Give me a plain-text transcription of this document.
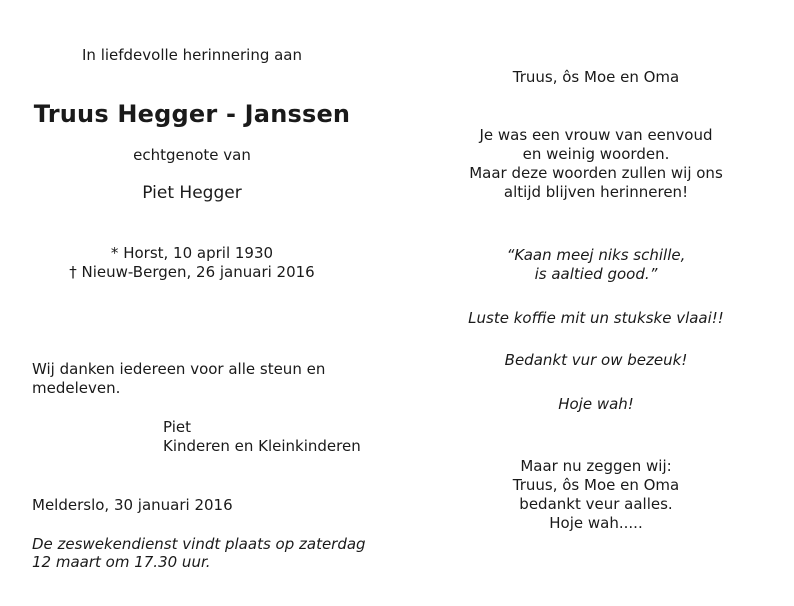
In liefdevolle herinnering aan
Truus Hegger - Janssen
echtgenote van
Piet Hegger
* Horst, 10 april 1930
† Nieuw-Bergen, 26 januari 2016
Wij danken iedereen voor alle steun en
medeleven.
Piet
Kinderen en Kleinkinderen
Melderslo, 30 januari 2016
De zeswekendienst vindt plaats op zaterdag
12 maart om 17.30 uur.
Truus, ôs Moe en Oma
Je was een vrouw van eenvoud
en weinig woorden.
Maar deze woorden zullen wij ons
altijd blijven herinneren!
“Kaan meej niks schille,
is aaltied good.”
Luste koffie mit un stukske vlaai!!
Bedankt vur ow bezeuk!
Hoje wah!
Maar nu zeggen wij:
Truus, ôs Moe en Oma
bedankt veur aalles.
Hoje wah.....
